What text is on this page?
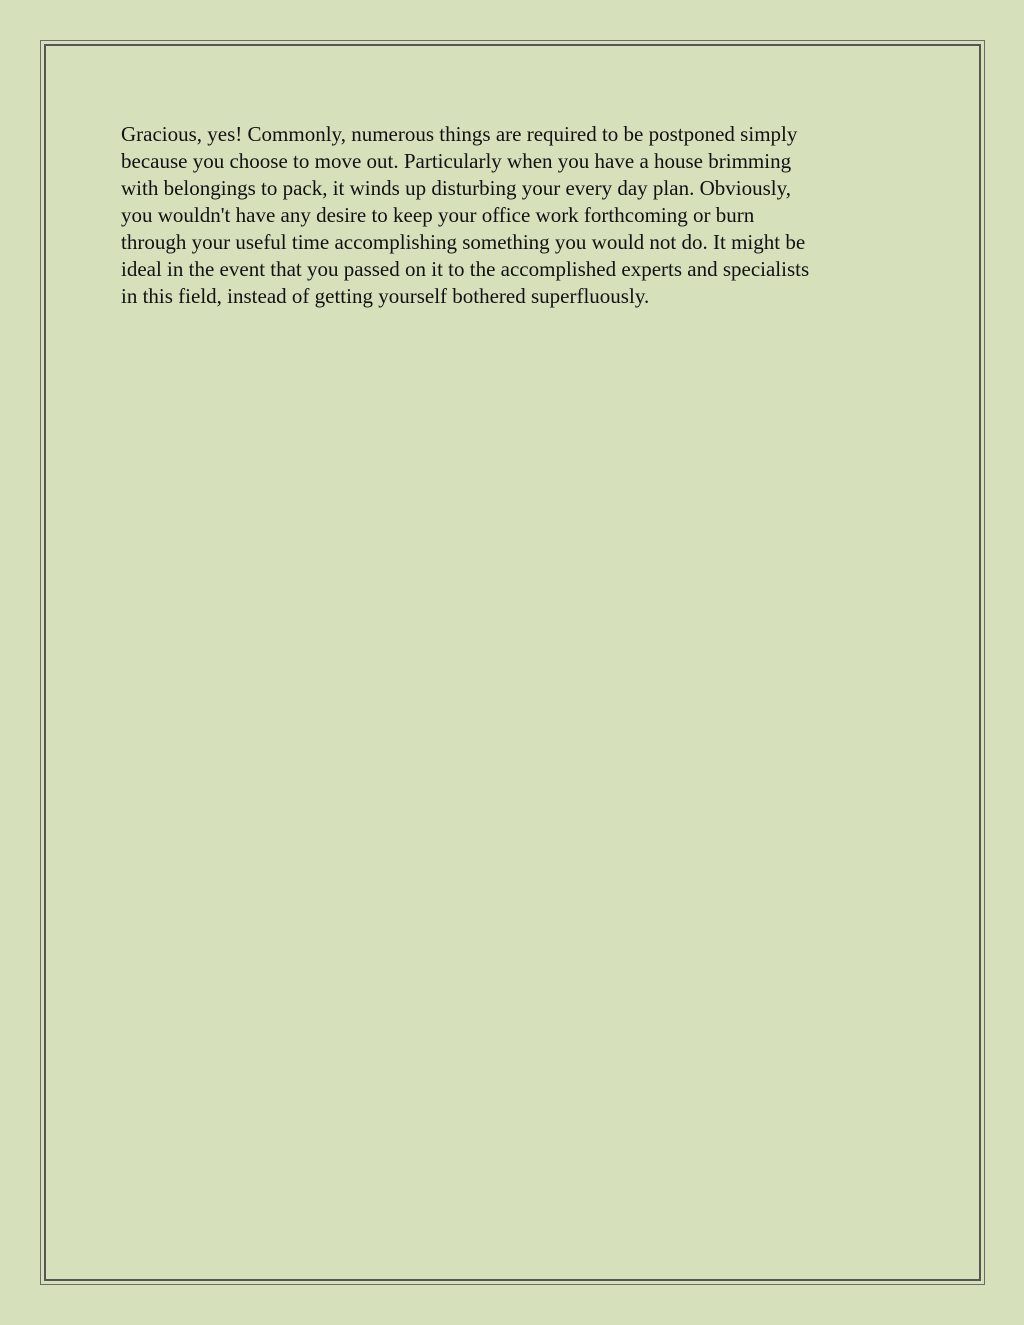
Gracious, yes! Commonly, numerous things are required to be postponed simply
because you choose to move out. Particularly when you have a house brimming
with belongings to pack, it winds up disturbing your every day plan. Obviously,
you wouldn't have any desire to keep your office work forthcoming or burn
through your useful time accomplishing something you would not do. It might be
ideal in the event that you passed on it to the accomplished experts and specialists
in this field, instead of getting yourself bothered superfluously.
